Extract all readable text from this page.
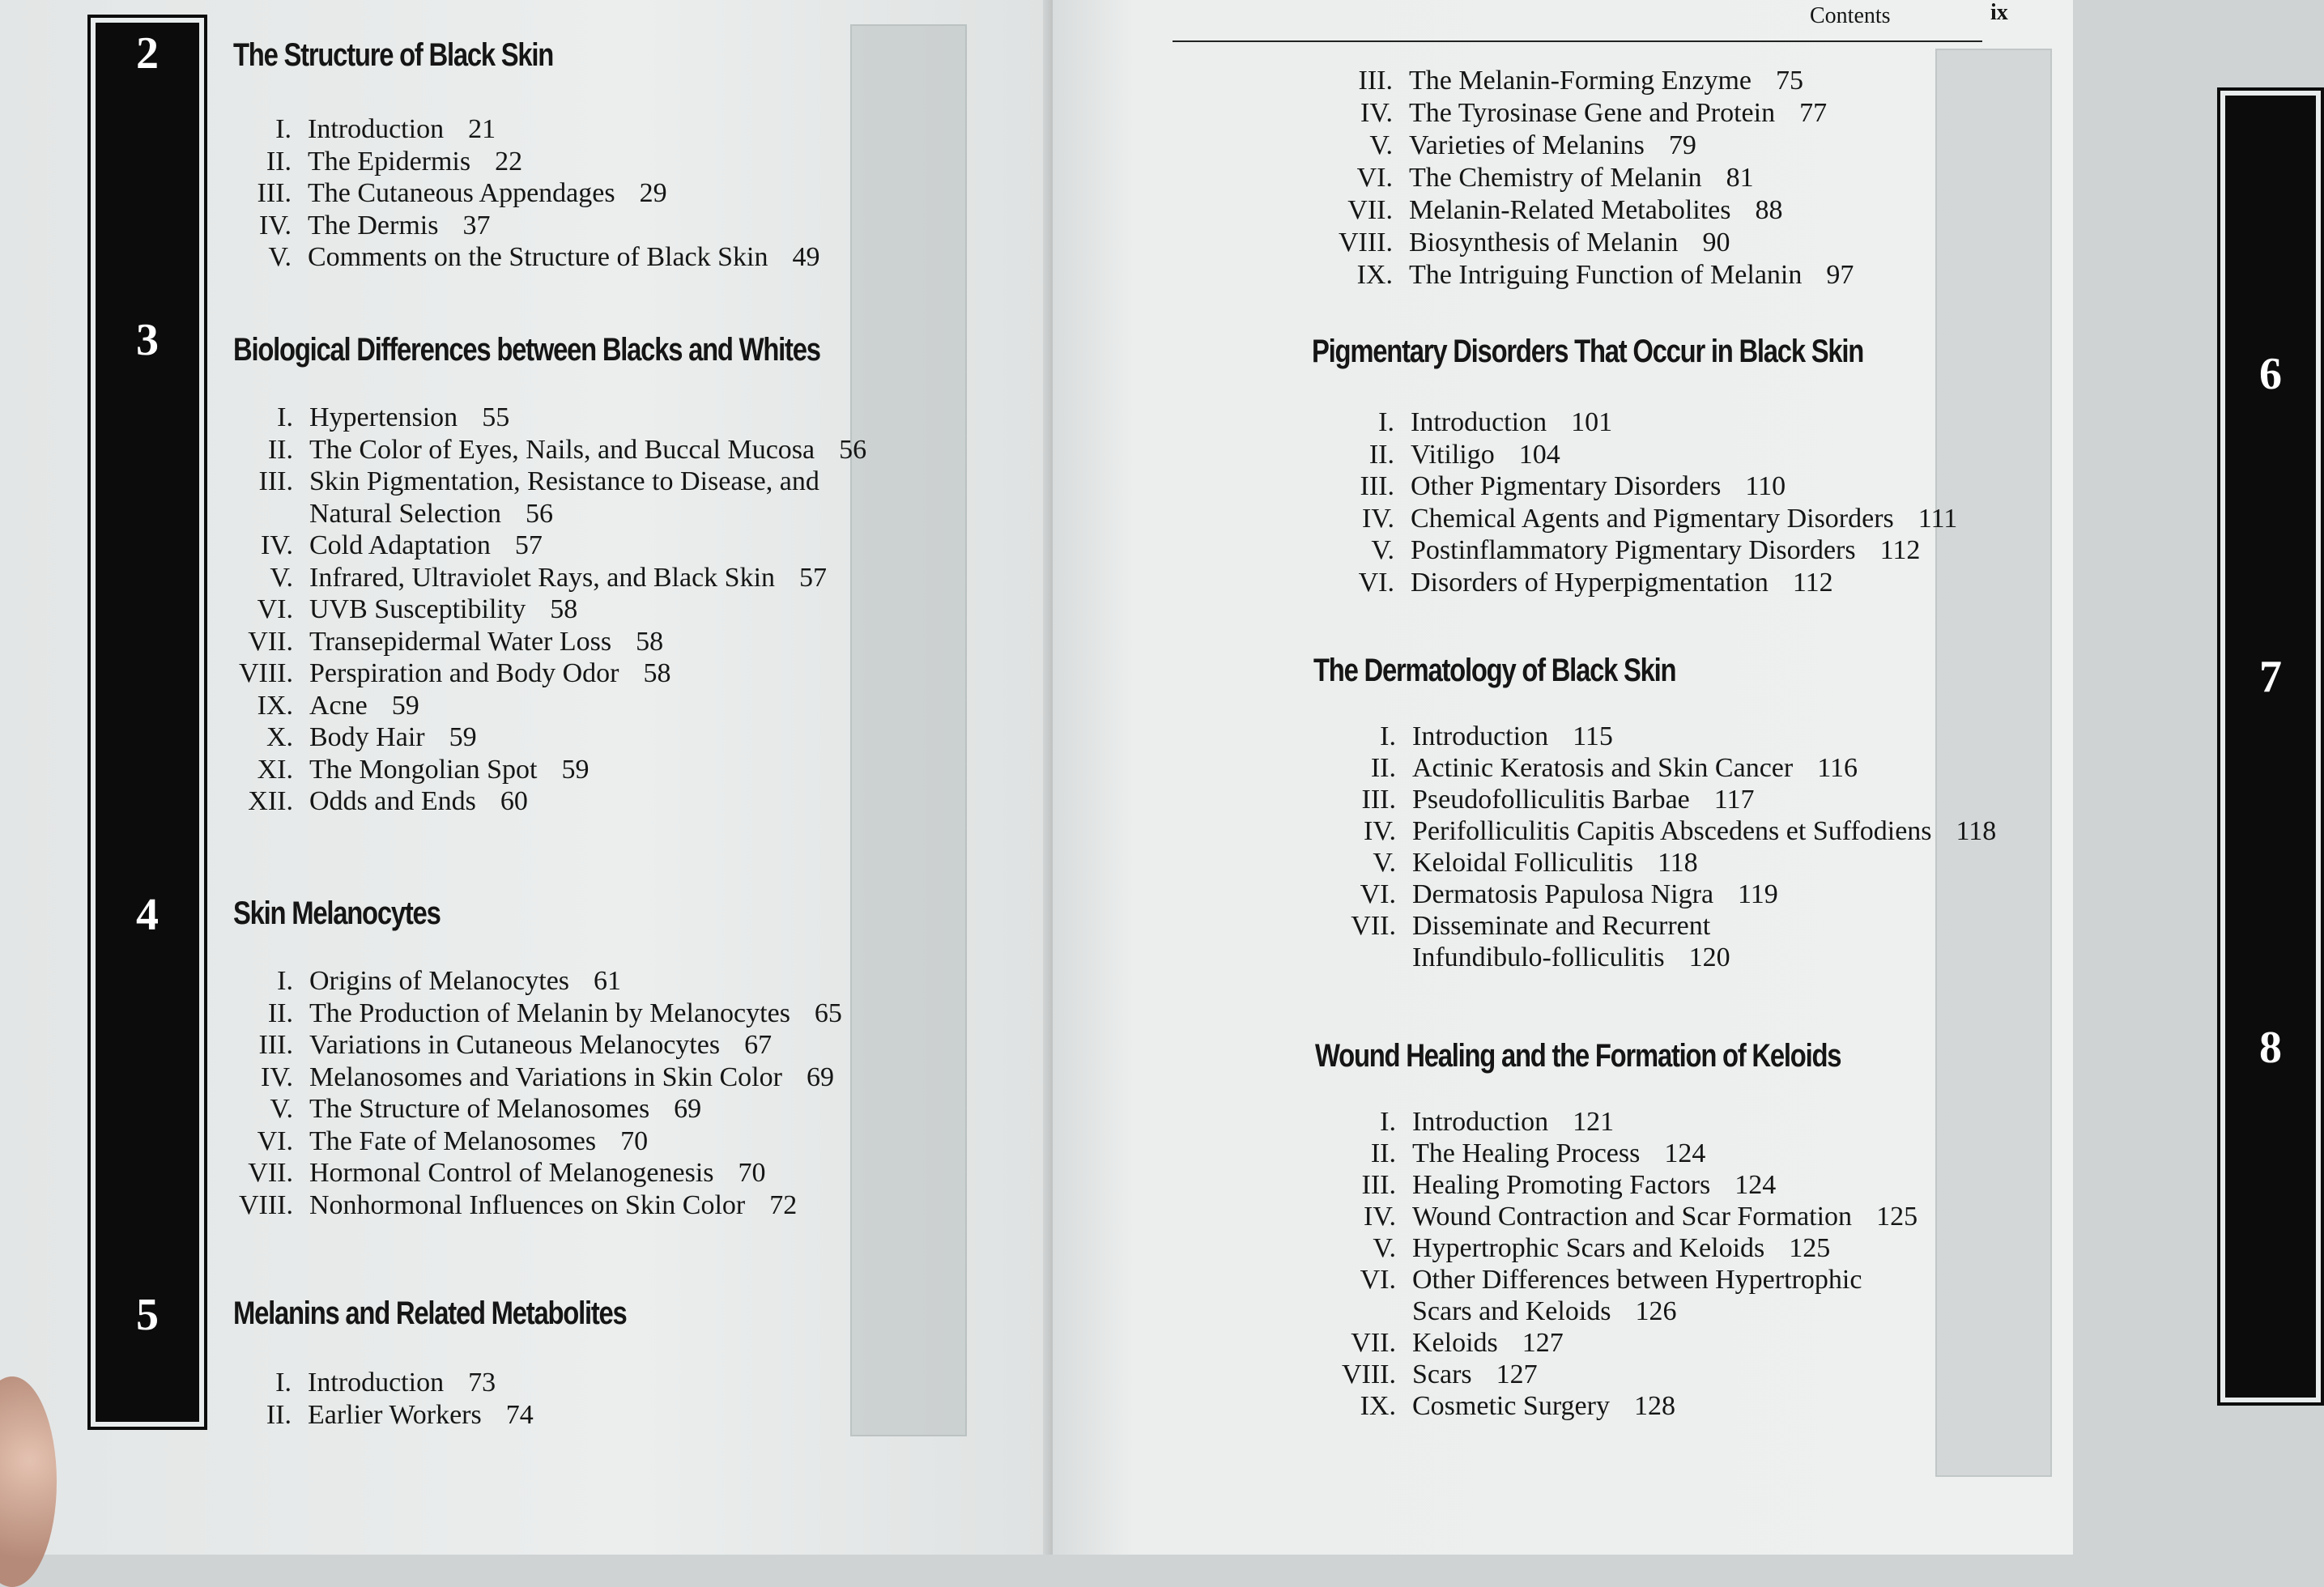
2
3
4
5
The Structure of Black Skin
I. Introduction 21
II. The Epidermis 22
III. The Cutaneous Appendages 29
IV. The Dermis 37
V. Comments on the Structure of Black Skin 49
Biological Differences between Blacks and Whites
I. Hypertension 55
II. The Color of Eyes, Nails, and Buccal Mucosa 56
III. Skin Pigmentation, Resistance to Disease, and
Natural Selection 56
IV. Cold Adaptation 57
V. Infrared, Ultraviolet Rays, and Black Skin 57
VI. UVB Susceptibility 58
VII. Transepidermal Water Loss 58
VIII. Perspiration and Body Odor 58
IX. Acne 59
X. Body Hair 59
XI. The Mongolian Spot 59
XII. Odds and Ends 60
Skin Melanocytes
I. Origins of Melanocytes 61
II. The Production of Melanin by Melanocytes 65
III. Variations in Cutaneous Melanocytes 67
IV. Melanosomes and Variations in Skin Color 69
V. The Structure of Melanosomes 69
VI. The Fate of Melanosomes 70
VII. Hormonal Control of Melanogenesis 70
VIII. Nonhormonal Influences on Skin Color 72
Melanins and Related Metabolites
I. Introduction 73
II. Earlier Workers 74
Contents	ix
6
7
8
III. The Melanin-Forming Enzyme 75
IV. The Tyrosinase Gene and Protein 77
V. Varieties of Melanins 79
VI. The Chemistry of Melanin 81
VII. Melanin-Related Metabolites 88
VIII. Biosynthesis of Melanin 90
IX. The Intriguing Function of Melanin 97
Pigmentary Disorders That Occur in Black Skin
I. Introduction 101
II. Vitiligo 104
III. Other Pigmentary Disorders 110
IV. Chemical Agents and Pigmentary Disorders 111
V. Postinflammatory Pigmentary Disorders 112
VI. Disorders of Hyperpigmentation 112
The Dermatology of Black Skin
I. Introduction 115
II. Actinic Keratosis and Skin Cancer 116
III. Pseudofolliculitis Barbae 117
IV. Perifolliculitis Capitis Abscedens et Suffodiens 118
V. Keloidal Folliculitis 118
VI. Dermatosis Papulosa Nigra 119
VII. Disseminate and Recurrent
Infundibulo-folliculitis 120
Wound Healing and the Formation of Keloids
I. Introduction 121
II. The Healing Process 124
III. Healing Promoting Factors 124
IV. Wound Contraction and Scar Formation 125
V. Hypertrophic Scars and Keloids 125
VI. Other Differences between Hypertrophic
Scars and Keloids 126
VII. Keloids 127
VIII. Scars 127
IX. Cosmetic Surgery 128
